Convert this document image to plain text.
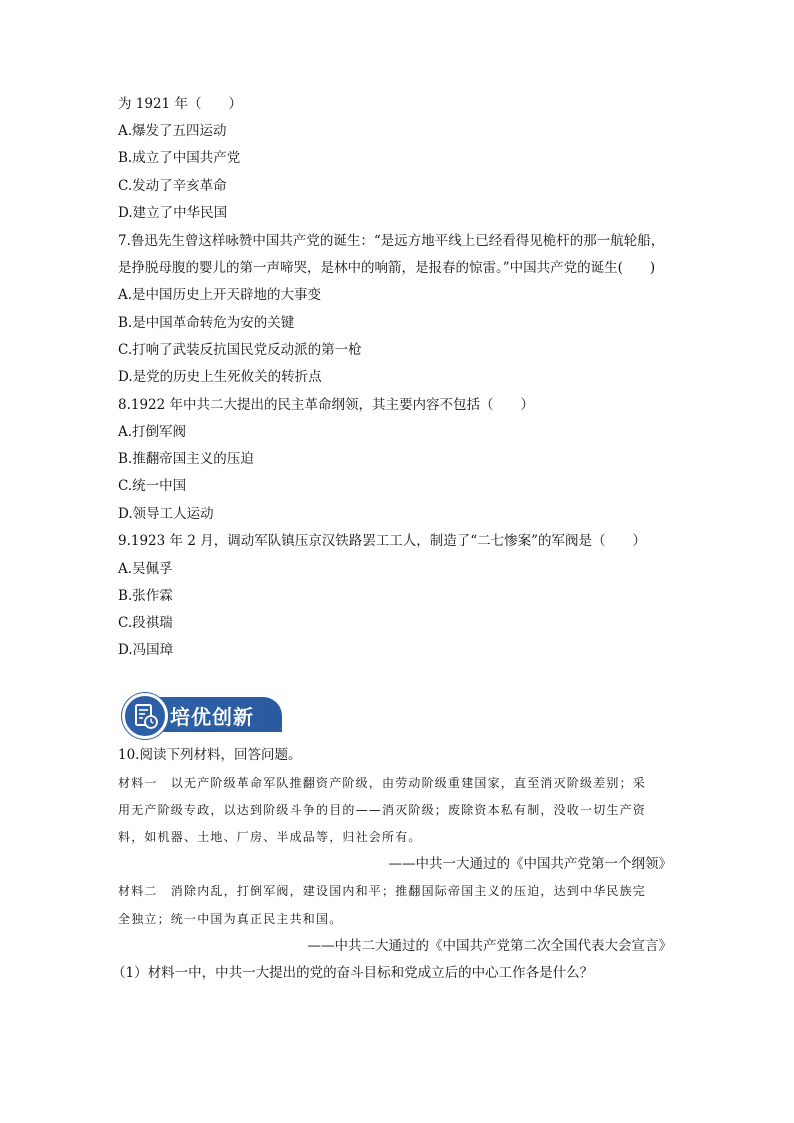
为 1921 年（　　）
A.爆发了五四运动
B.成立了中国共产党
C.发动了辛亥革命
D.建立了中华民国
7.鲁迅先生曾这样咏赞中国共产党的诞生：“是远方地平线上已经看得见桅杆的那一航轮船，
是挣脱母腹的婴儿的第一声啼哭，是林中的响箭，是报春的惊雷。”中国共产党的诞生(　　)
A.是中国历史上开天辟地的大事变
B.是中国革命转危为安的关键
C.打响了武装反抗国民党反动派的第一枪
D.是党的历史上生死攸关的转折点
8.1922 年中共二大提出的民主革命纲领，其主要内容不包括（　　）
A.打倒军阀
B.推翻帝国主义的压迫
C.统一中国
D.领导工人运动
9.1923 年 2 月，调动军队镇压京汉铁路罢工工人，制造了“二七惨案”的军阀是（　　）
A.吴佩孚
B.张作霖
C.段祺瑞
D.冯国璋
培优创新
10.阅读下列材料，回答问题。
材料一　以无产阶级革命军队推翻资产阶级，由劳动阶级重建国家，直至消灭阶级差别；采
用无产阶级专政，以达到阶级斗争的目的——消灭阶级；废除资本私有制，没收一切生产资
料，如机器、土地、厂房、半成品等，归社会所有。
——中共一大通过的《中国共产党第一个纲领》
材料二　消除内乱，打倒军阀，建设国内和平；推翻国际帝国主义的压迫，达到中华民族完
全独立；统一中国为真正民主共和国。
——中共二大通过的《中国共产党第二次全国代表大会宣言》
（1）材料一中，中共一大提出的党的奋斗目标和党成立后的中心工作各是什么？
